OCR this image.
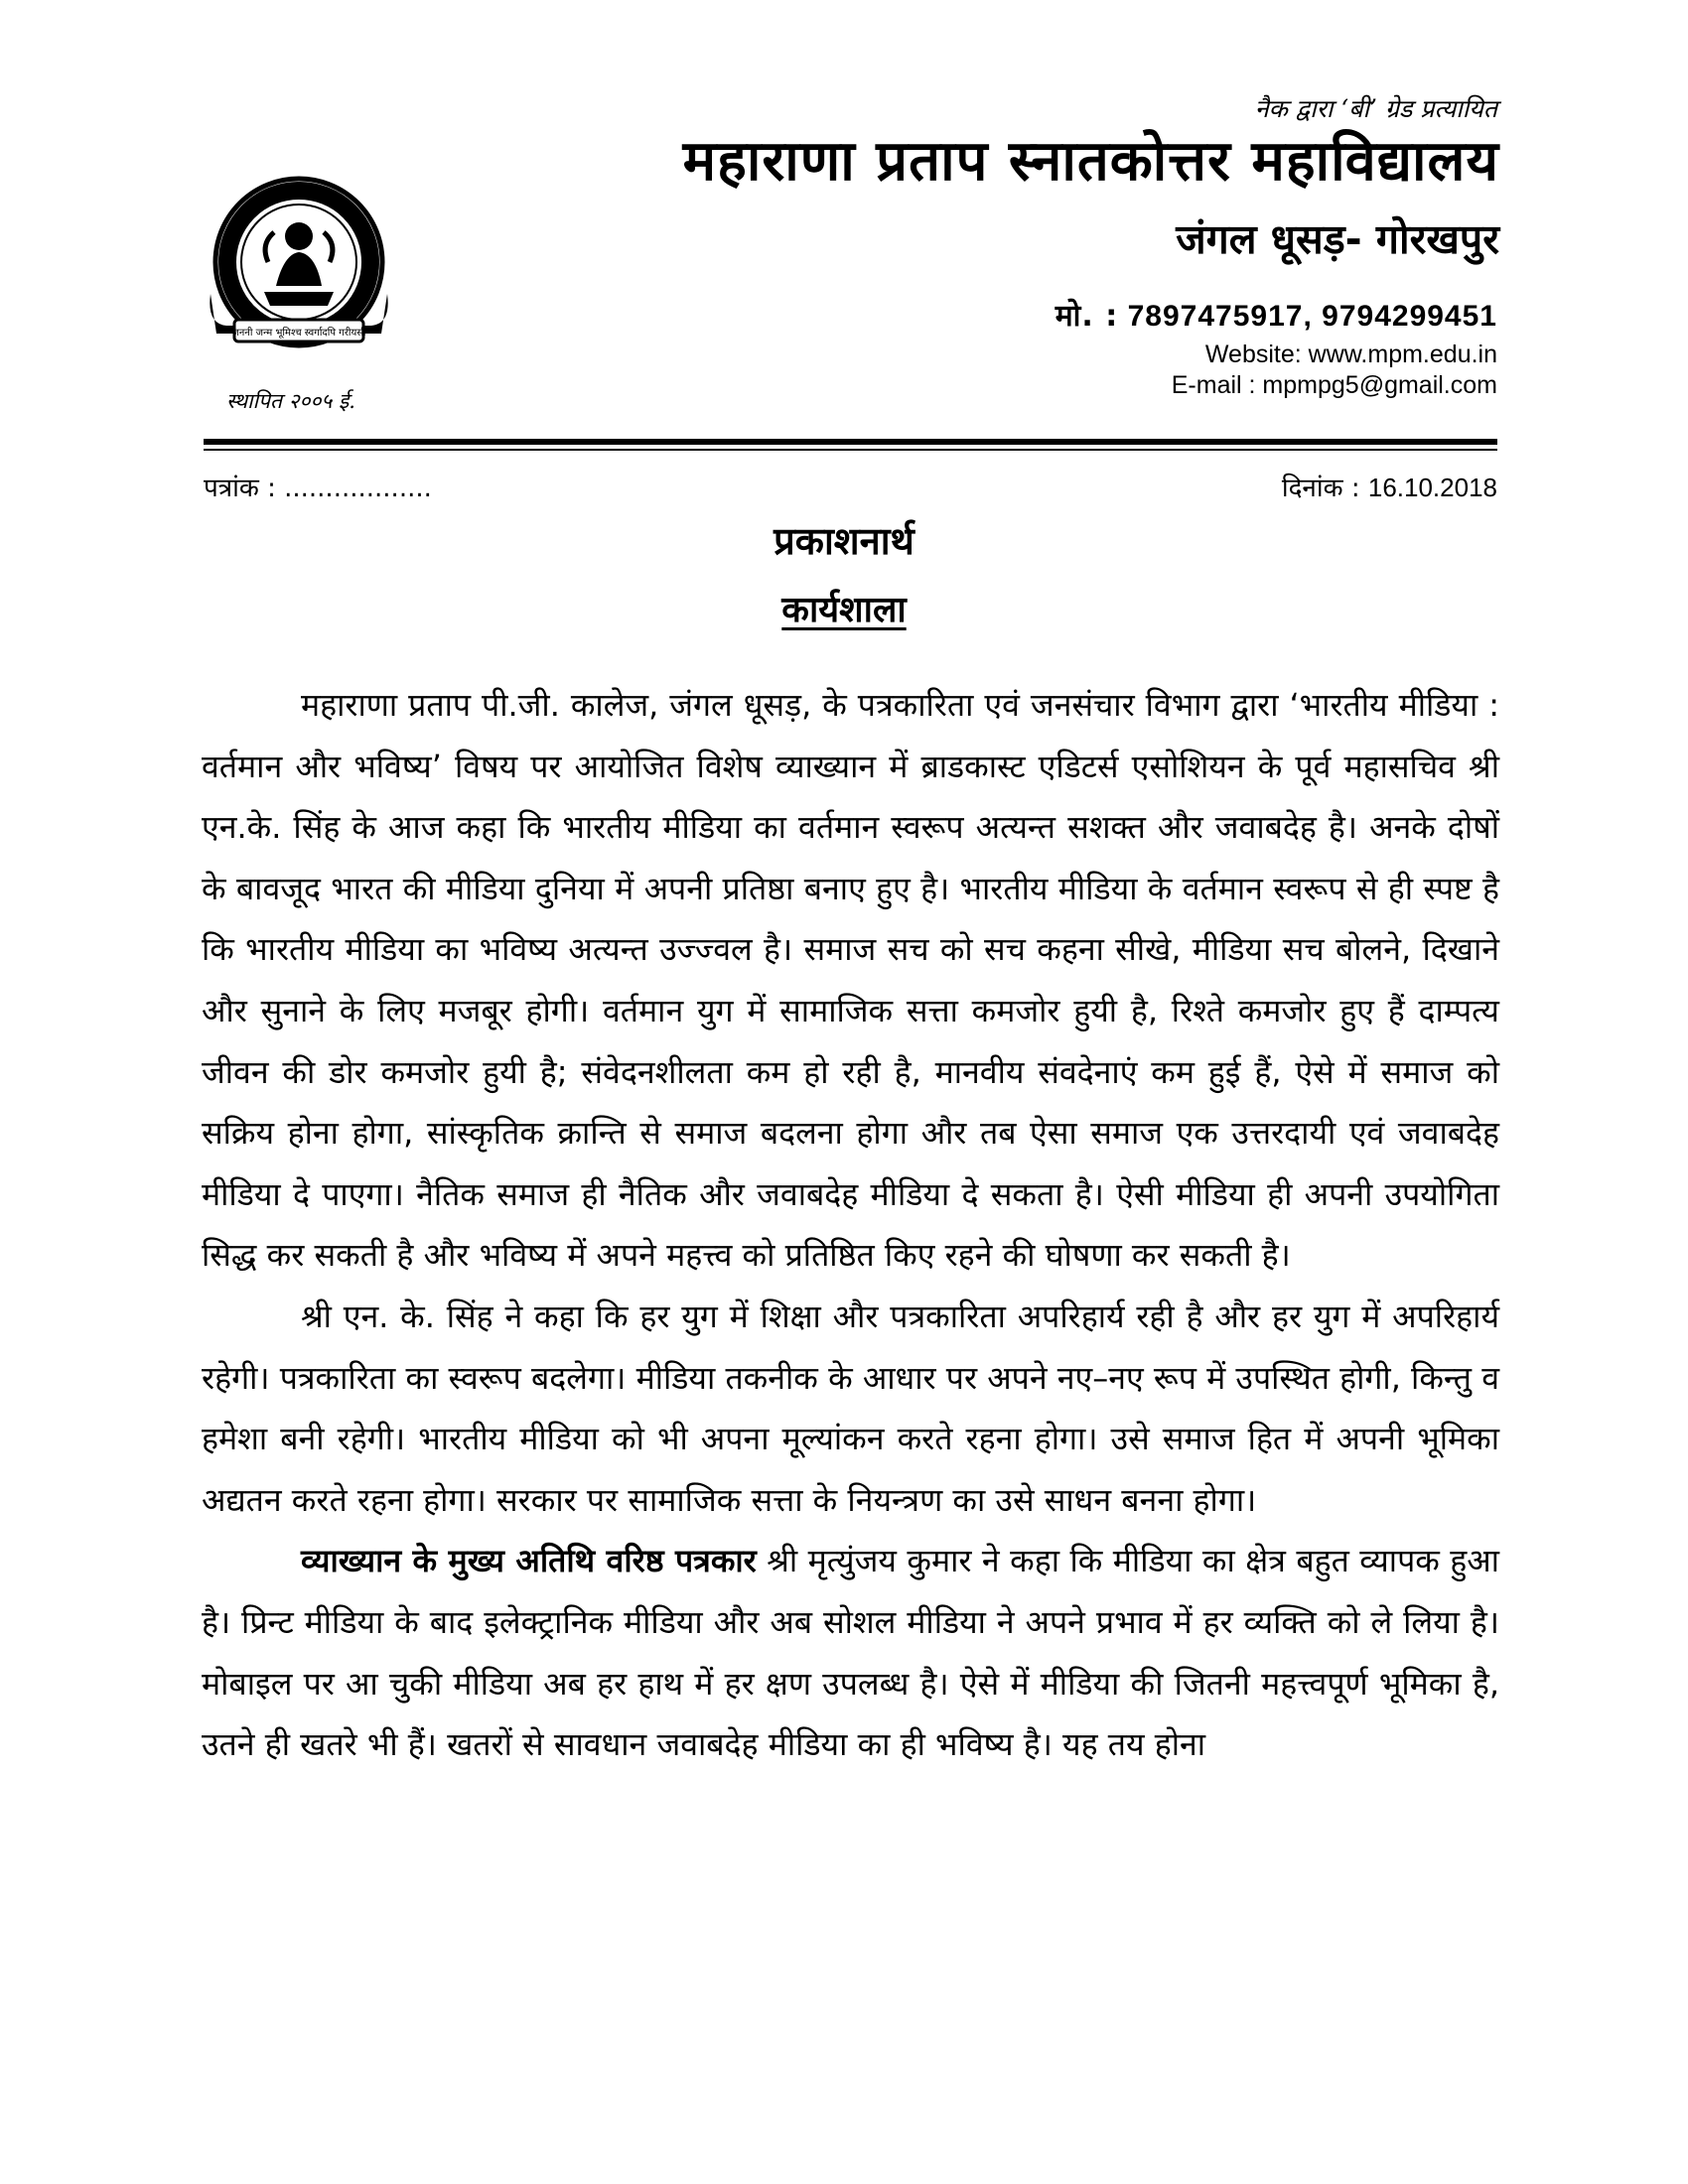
नैक द्वारा ‘बी’ ग्रेड प्रत्यायित
महाराणा प्रताप स्नातकोत्तर महाविद्यालय
जंगल धूसड़- गोरखपुर
मो. : 7897475917, 9794299451
Website: www.mpm.edu.in
E-mail : mpmpg5@gmail.com
जननी जन्म भूमिश्च स्वर्गादपि गरीयसी
स्थापित २००५ ई.
पत्रांक : ..................	दिनांक : 16.10.2018
प्रकाशनार्थ
कार्यशाला

महाराणा प्रताप पी.जी. कालेज, जंगल धूसड़, के पत्रकारिता एवं जनसंचार विभाग द्वारा ‘भारतीय मीडिया : वर्तमान और भविष्य’ विषय पर आयोजित विशेष व्याख्यान में ब्राडकास्ट एडिटर्स एसोशियन के पूर्व महासचिव श्री एन.के. सिंह के आज कहा कि भारतीय मीडिया का वर्तमान स्वरूप अत्यन्त सशक्त और जवाबदेह है। अनके दोषों के बावजूद भारत की मीडिया दुनिया में अपनी प्रतिष्ठा बनाए हुए है। भारतीय मीडिया के वर्तमान स्वरूप से ही स्पष्ट है कि भारतीय मीडिया का भविष्य अत्यन्त उज्ज्वल है। समाज सच को सच कहना सीखे, मीडिया सच बोलने, दिखाने और सुनाने के लिए मजबूर होगी। वर्तमान युग में सामाजिक सत्ता कमजोर हुयी है, रिश्ते कमजोर हुए हैं दाम्पत्य जीवन की डोर कमजोर हुयी है; संवेदनशीलता कम हो रही है, मानवीय संवदेनाएं कम हुई हैं, ऐसे में समाज को सक्रिय होना होगा, सांस्कृतिक क्रान्ति से समाज बदलना होगा और तब ऐसा समाज एक उत्तरदायी एवं जवाबदेह मीडिया दे पाएगा। नैतिक समाज ही नैतिक और जवाबदेह मीडिया दे सकता है। ऐसी मीडिया ही अपनी उपयोगिता सिद्ध कर सकती है और भविष्य में अपने महत्त्व को प्रतिष्ठित किए रहने की घोषणा कर सकती है।

श्री एन. के. सिंह ने कहा कि हर युग में शिक्षा और पत्रकारिता अपरिहार्य रही है और हर युग में अपरिहार्य रहेगी। पत्रकारिता का स्वरूप बदलेगा। मीडिया तकनीक के आधार पर अपने नए–नए रूप में उपस्थित होगी, किन्तु व हमेशा बनी रहेगी। भारतीय मीडिया को भी अपना मूल्यांकन करते रहना होगा। उसे समाज हित में अपनी भूमिका अद्यतन करते रहना होगा। सरकार पर सामाजिक सत्ता के नियन्त्रण का उसे साधन बनना होगा।

व्याख्यान के मुख्य अतिथि वरिष्ठ पत्रकार श्री मृत्युंजय कुमार ने कहा कि मीडिया का क्षेत्र बहुत व्यापक हुआ है। प्रिन्ट मीडिया के बाद इलेक्ट्रानिक मीडिया और अब सोशल मीडिया ने अपने प्रभाव में हर व्यक्ति को ले लिया है। मोबाइल पर आ चुकी मीडिया अब हर हाथ में हर क्षण उपलब्ध है। ऐसे में मीडिया की जितनी महत्त्वपूर्ण भूमिका है, उतने ही खतरे भी हैं। खतरों से सावधान जवाबदेह मीडिया का ही भविष्य है। यह तय होना
